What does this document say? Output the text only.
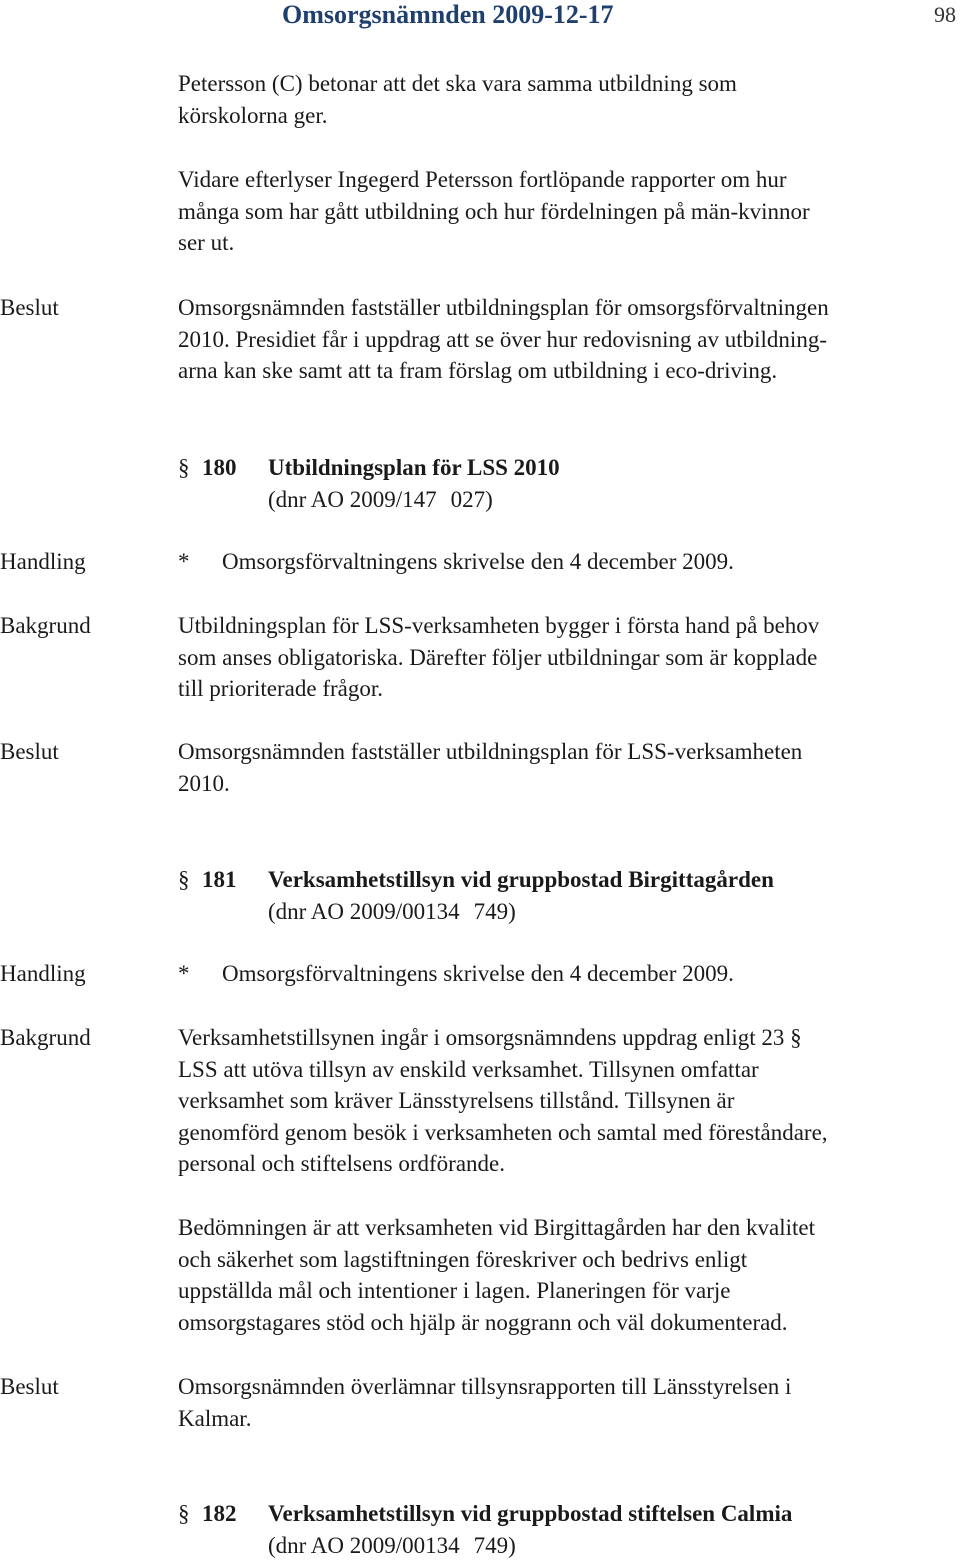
Omsorgsnämnden 2009-12-17	98
Petersson (C) betonar att det ska vara samma utbildning som
körskolorna ger.
Vidare efterlyser Ingegerd Petersson fortlöpande rapporter om hur
många som har gått utbildning och hur fördelningen på män-kvinnor
ser ut.
Beslut	Omsorgsnämnden fastställer utbildningsplan för omsorgsförvaltningen
2010. Presidiet får i uppdrag att se över hur redovisning av utbildning-
arna kan ske samt att ta fram förslag om utbildning i eco-driving.
§ 180 Utbildningsplan för LSS 2010
(dnr AO 2009/147 027)
Handling	* Omsorgsförvaltningens skrivelse den 4 december 2009.
Bakgrund	Utbildningsplan för LSS-verksamheten bygger i första hand på behov
som anses obligatoriska. Därefter följer utbildningar som är kopplade
till prioriterade frågor.
Beslut	Omsorgsnämnden fastställer utbildningsplan för LSS-verksamheten
2010.
§ 181 Verksamhetstillsyn vid gruppbostad Birgittagården
(dnr AO 2009/00134 749)
Handling	* Omsorgsförvaltningens skrivelse den 4 december 2009.
Bakgrund	Verksamhetstillsynen ingår i omsorgsnämndens uppdrag enligt 23 §
LSS att utöva tillsyn av enskild verksamhet. Tillsynen omfattar
verksamhet som kräver Länsstyrelsens tillstånd. Tillsynen är
genomförd genom besök i verksamheten och samtal med föreståndare,
personal och stiftelsens ordförande.
Bedömningen är att verksamheten vid Birgittagården har den kvalitet
och säkerhet som lagstiftningen föreskriver och bedrivs enligt
uppställda mål och intentioner i lagen. Planeringen för varje
omsorgstagares stöd och hjälp är noggrann och väl dokumenterad.
Beslut	Omsorgsnämnden överlämnar tillsynsrapporten till Länsstyrelsen i
Kalmar.
§ 182 Verksamhetstillsyn vid gruppbostad stiftelsen Calmia
(dnr AO 2009/00134 749)
